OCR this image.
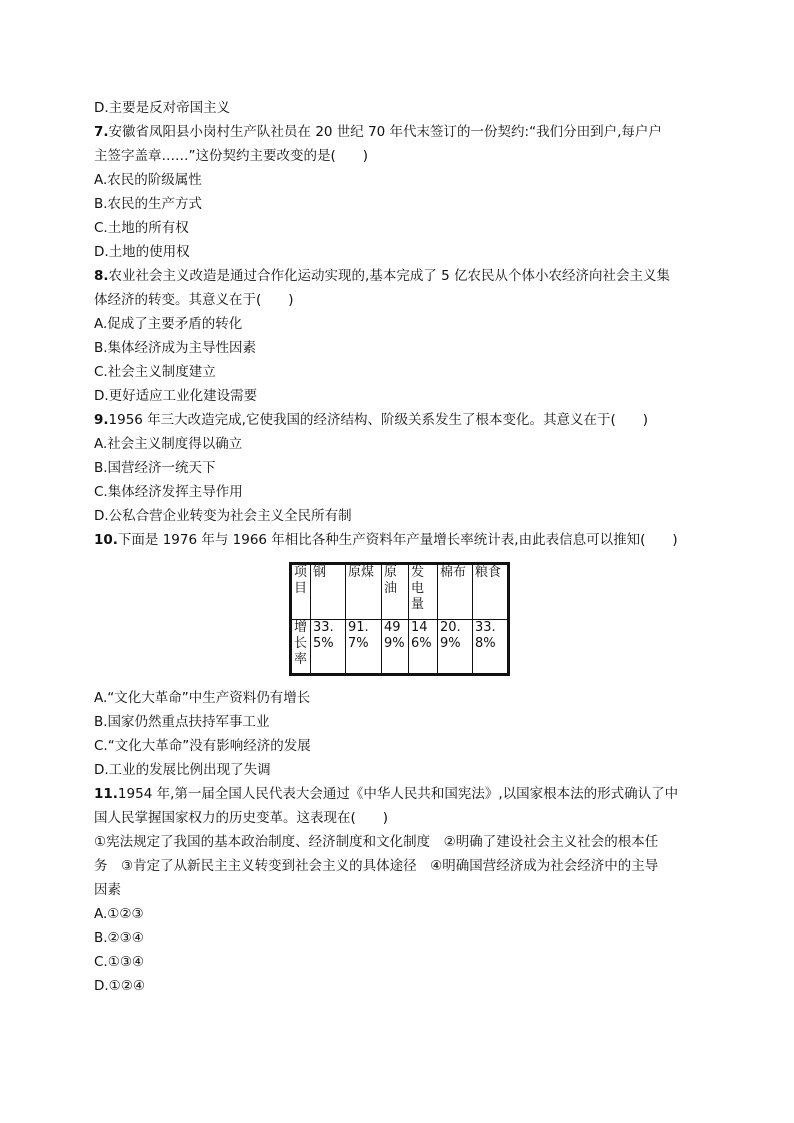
D.主要是反对帝国主义
7.安徽省凤阳县小岗村生产队社员在 20 世纪 70 年代末签订的一份契约:“我们分田到户,每户户
主签字盖章……”这份契约主要改变的是(　　)
A.农民的阶级属性
B.农民的生产方式
C.土地的所有权
D.土地的使用权
8.农业社会主义改造是通过合作化运动实现的,基本完成了 5 亿农民从个体小农经济向社会主义集
体经济的转变。其意义在于(　　)
A.促成了主要矛盾的转化
B.集体经济成为主导性因素
C.社会主义制度建立
D.更好适应工业化建设需要
9.1956 年三大改造完成,它使我国的经济结构、阶级关系发生了根本变化。其意义在于(　　)
A.社会主义制度得以确立
B.国营经济一统天下
C.集体经济发挥主导作用
D.公私合营企业转变为社会主义全民所有制
10.下面是 1976 年与 1966 年相比各种生产资料年产量增长率统计表,由此表信息可以推知(　　)
项目	钢	原煤	原油	发电量	棉布	粮食
增长率	33.5%	91.7%	499%	146%	20.9%	33.8%
A.“文化大革命”中生产资料仍有增长
B.国家仍然重点扶持军事工业
C.“文化大革命”没有影响经济的发展
D.工业的发展比例出现了失调
11.1954 年,第一届全国人民代表大会通过《中华人民共和国宪法》,以国家根本法的形式确认了中
国人民掌握国家权力的历史变革。这表现在(　　)
①宪法规定了我国的基本政治制度、经济制度和文化制度　②明确了建设社会主义社会的根本任
务　③肯定了从新民主主义转变到社会主义的具体途径　④明确国营经济成为社会经济中的主导
因素
A.①②③
B.②③④
C.①③④
D.①②④
